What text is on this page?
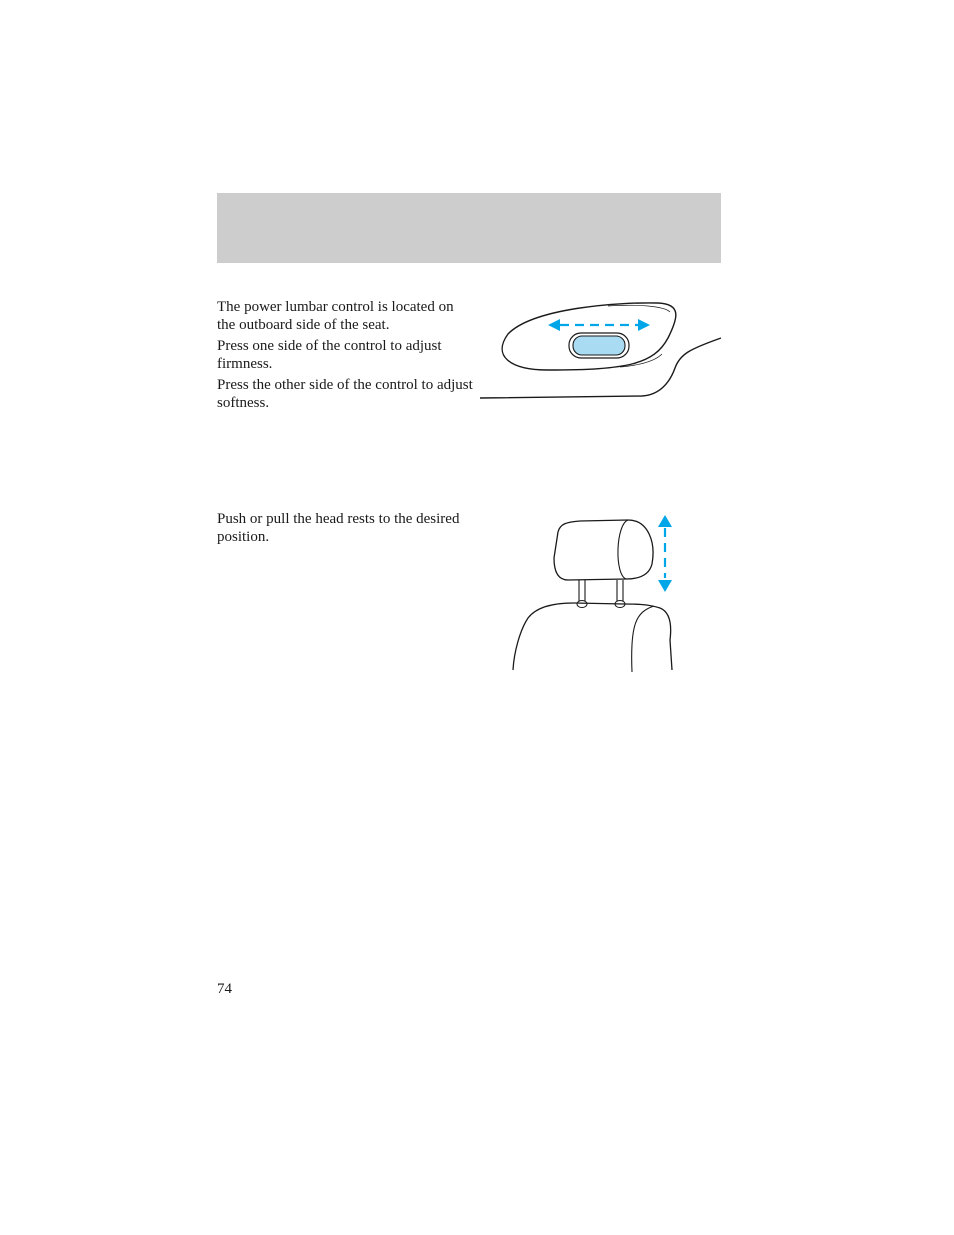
The power lumbar control is located on the outboard side of the seat.

Press one side of the control to adjust firmness.

Press the other side of the control to adjust softness.

Push or pull the head rests to the desired position.

74
